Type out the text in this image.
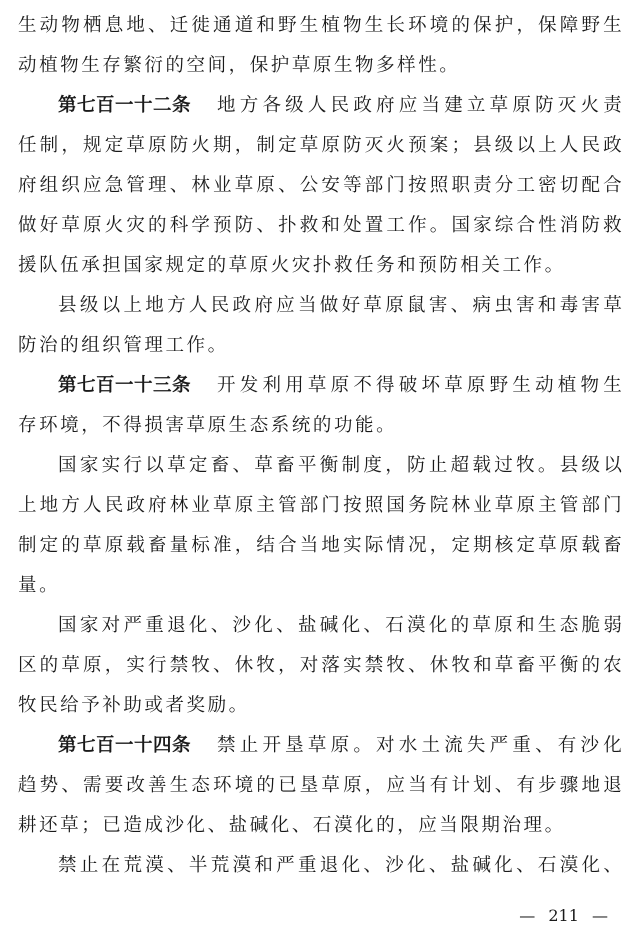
生 动 物 栖 息 地 、 迁 徙 通 道 和 野 生 植 物 生 长 环 境 的 保 护 ， 保 障 野 生
动 植 物 生 存 繁 衍 的 空 间 ， 保 护 草 原 生 物 多 样 性 。
第七百一十二条 地 方 各 级 人 民 政 府 应 当 建 立 草 原 防 灭 火 责
任 制 ， 规 定 草 原 防 火 期 ， 制 定 草 原 防 灭 火 预 案 ； 县 级 以 上 人 民 政
府 组 织 应 急 管 理 、 林 业 草 原 、 公 安 等 部 门 按 照 职 责 分 工 密 切 配 合
做 好 草 原 火 灾 的 科 学 预 防 、 扑 救 和 处 置 工 作 。 国 家 综 合 性 消 防 救
援 队 伍 承 担 国 家 规 定 的 草 原 火 灾 扑 救 任 务 和 预 防 相 关 工 作 。
县 级 以 上 地 方 人 民 政 府 应 当 做 好 草 原 鼠 害 、 病 虫 害 和 毒 害 草
防 治 的 组 织 管 理 工 作 。
第七百一十三条 开 发 利 用 草 原 不 得 破 坏 草 原 野 生 动 植 物 生
存 环 境 ， 不 得 损 害 草 原 生 态 系 统 的 功 能 。
国 家 实 行 以 草 定 畜 、 草 畜 平 衡 制 度 ， 防 止 超 载 过 牧 。 县 级 以
上 地 方 人 民 政 府 林 业 草 原 主 管 部 门 按 照 国 务 院 林 业 草 原 主 管 部 门
制 定 的 草 原 载 畜 量 标 准 ， 结 合 当 地 实 际 情 况 ， 定 期 核 定 草 原 载 畜
量 。
国 家 对 严 重 退 化 、 沙 化 、 盐 碱 化 、 石 漠 化 的 草 原 和 生 态 脆 弱
区 的 草 原 ， 实 行 禁 牧 、 休 牧 ， 对 落 实 禁 牧 、 休 牧 和 草 畜 平 衡 的 农
牧 民 给 予 补 助 或 者 奖 励 。
第七百一十四条 禁 止 开 垦 草 原 。 对 水 土 流 失 严 重 、 有 沙 化
趋 势 、 需 要 改 善 生 态 环 境 的 已 垦 草 原 ， 应 当 有 计 划 、 有 步 骤 地 退
耕 还 草 ； 已 造 成 沙 化 、 盐 碱 化 、 石 漠 化 的 ， 应 当 限 期 治 理 。
禁 止 在 荒 漠 、 半 荒 漠 和 严 重 退 化 、 沙 化 、 盐 碱 化 、 石 漠 化 、
— 211 —
